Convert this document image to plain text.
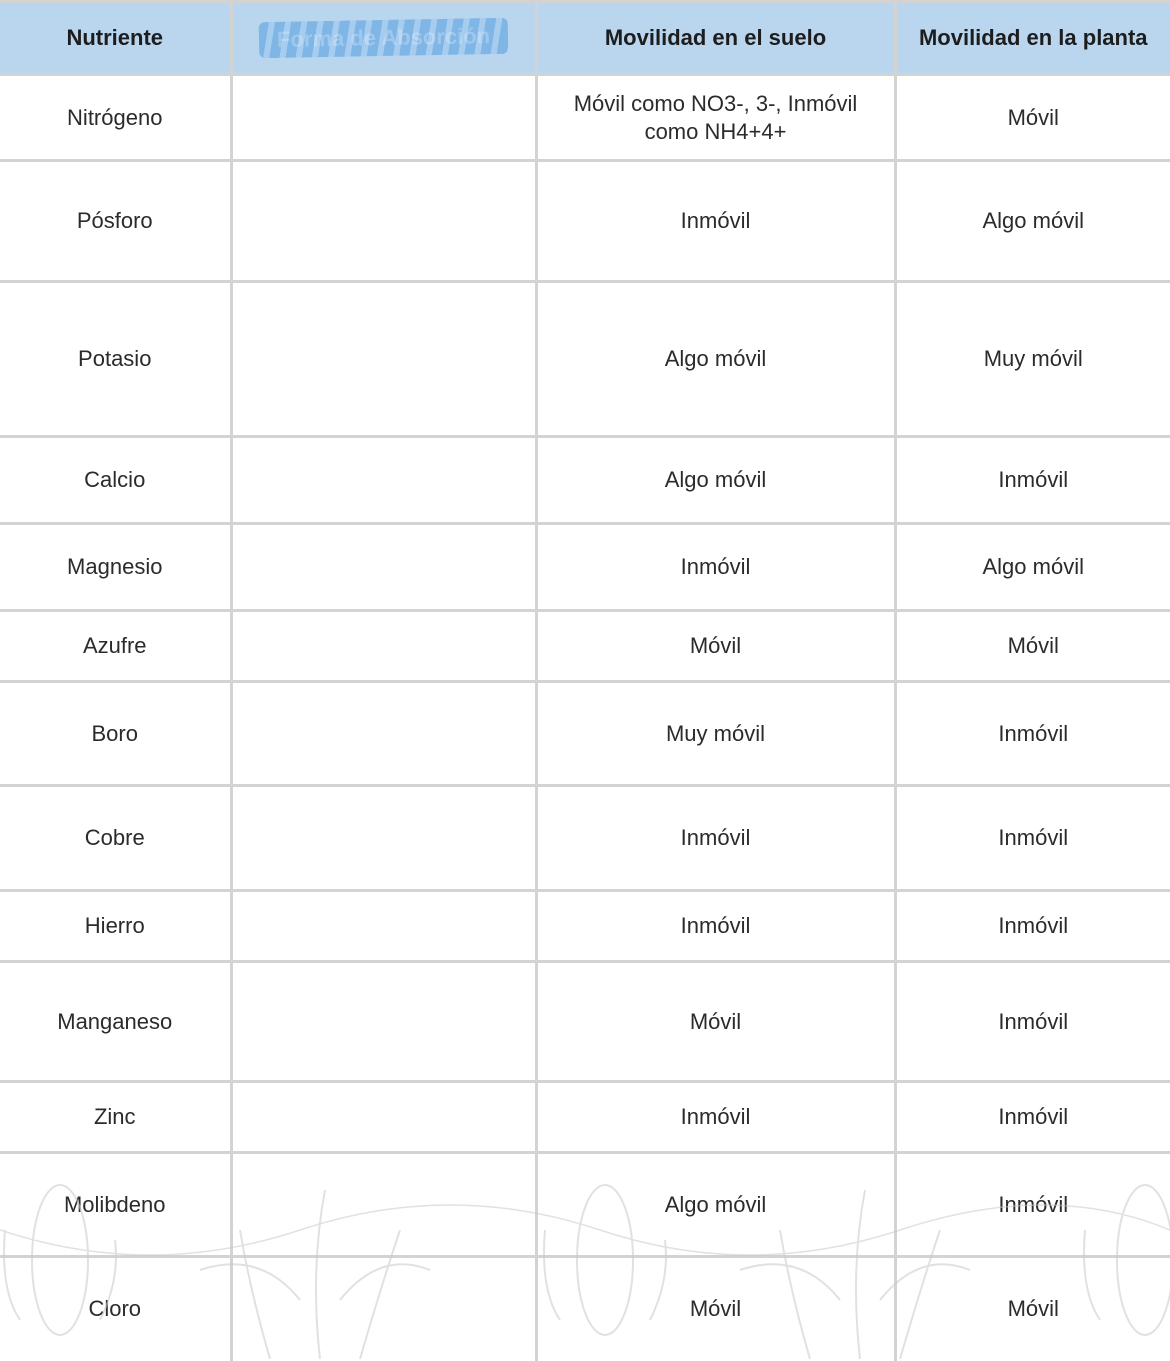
Nutriente	Forma de Absorción	Movilidad en el suelo	Movilidad en la planta
Nitrógeno		Móvil como NO3-, 3-, Inmóvil como NH4+4+	Móvil
Pósforo		Inmóvil	Algo móvil
Potasio		Algo móvil	Muy móvil
Calcio		Algo móvil	Inmóvil
Magnesio		Inmóvil	Algo móvil
Azufre		Móvil	Móvil
Boro		Muy móvil	Inmóvil
Cobre		Inmóvil	Inmóvil
Hierro		Inmóvil	Inmóvil
Manganeso		Móvil	Inmóvil
Zinc		Inmóvil	Inmóvil
Molibdeno		Algo móvil	Inmóvil
Cloro		Móvil	Móvil
